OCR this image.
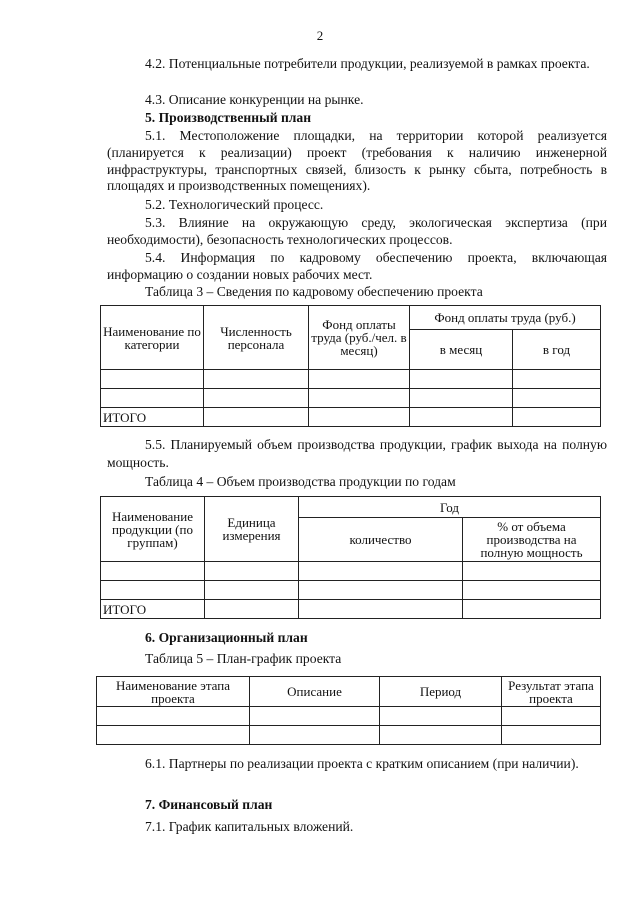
2
4.2. Потенциальные потребители продукции, реализуемой в рамках проекта.
4.3. Описание конкуренции на рынке.
5. Производственный план
5.1. Местоположение площадки, на территории которой реализуется (планируется к реализации) проект (требования к наличию инженерной инфраструктуры, транспортных связей, близость к рынку сбыта, потребность в площадях и производственных помещениях).
5.2. Технологический процесс.
5.3. Влияние на окружающую среду, экологическая экспертиза (при необходимости), безопасность технологических процессов.
5.4. Информация по кадровому обеспечению проекта, включающая информацию о создании новых рабочих мест.
Таблица 3 – Сведения по кадровому обеспечению проекта
Наименование по категории	Численность персонала	Фонд оплаты труда (руб./чел. в месяц)	Фонд оплаты труда (руб.)	
			в месяц	в год

ИТОГО				
5.5. Планируемый объем производства продукции, график выхода на полную мощность.
Таблица 4 – Объем производства продукции по годам
Наименование продукции (по группам)	Единица измерения	Год	
		количество	% от объема производства на полную мощность

ИТОГО			
6. Организационный план
Таблица 5 – План-график проекта
Наименование этапа проекта	Описание	Период	Результат этапа проекта

6.1. Партнеры по реализации проекта с кратким описанием (при наличии).
7. Финансовый план
7.1. График капитальных вложений.
